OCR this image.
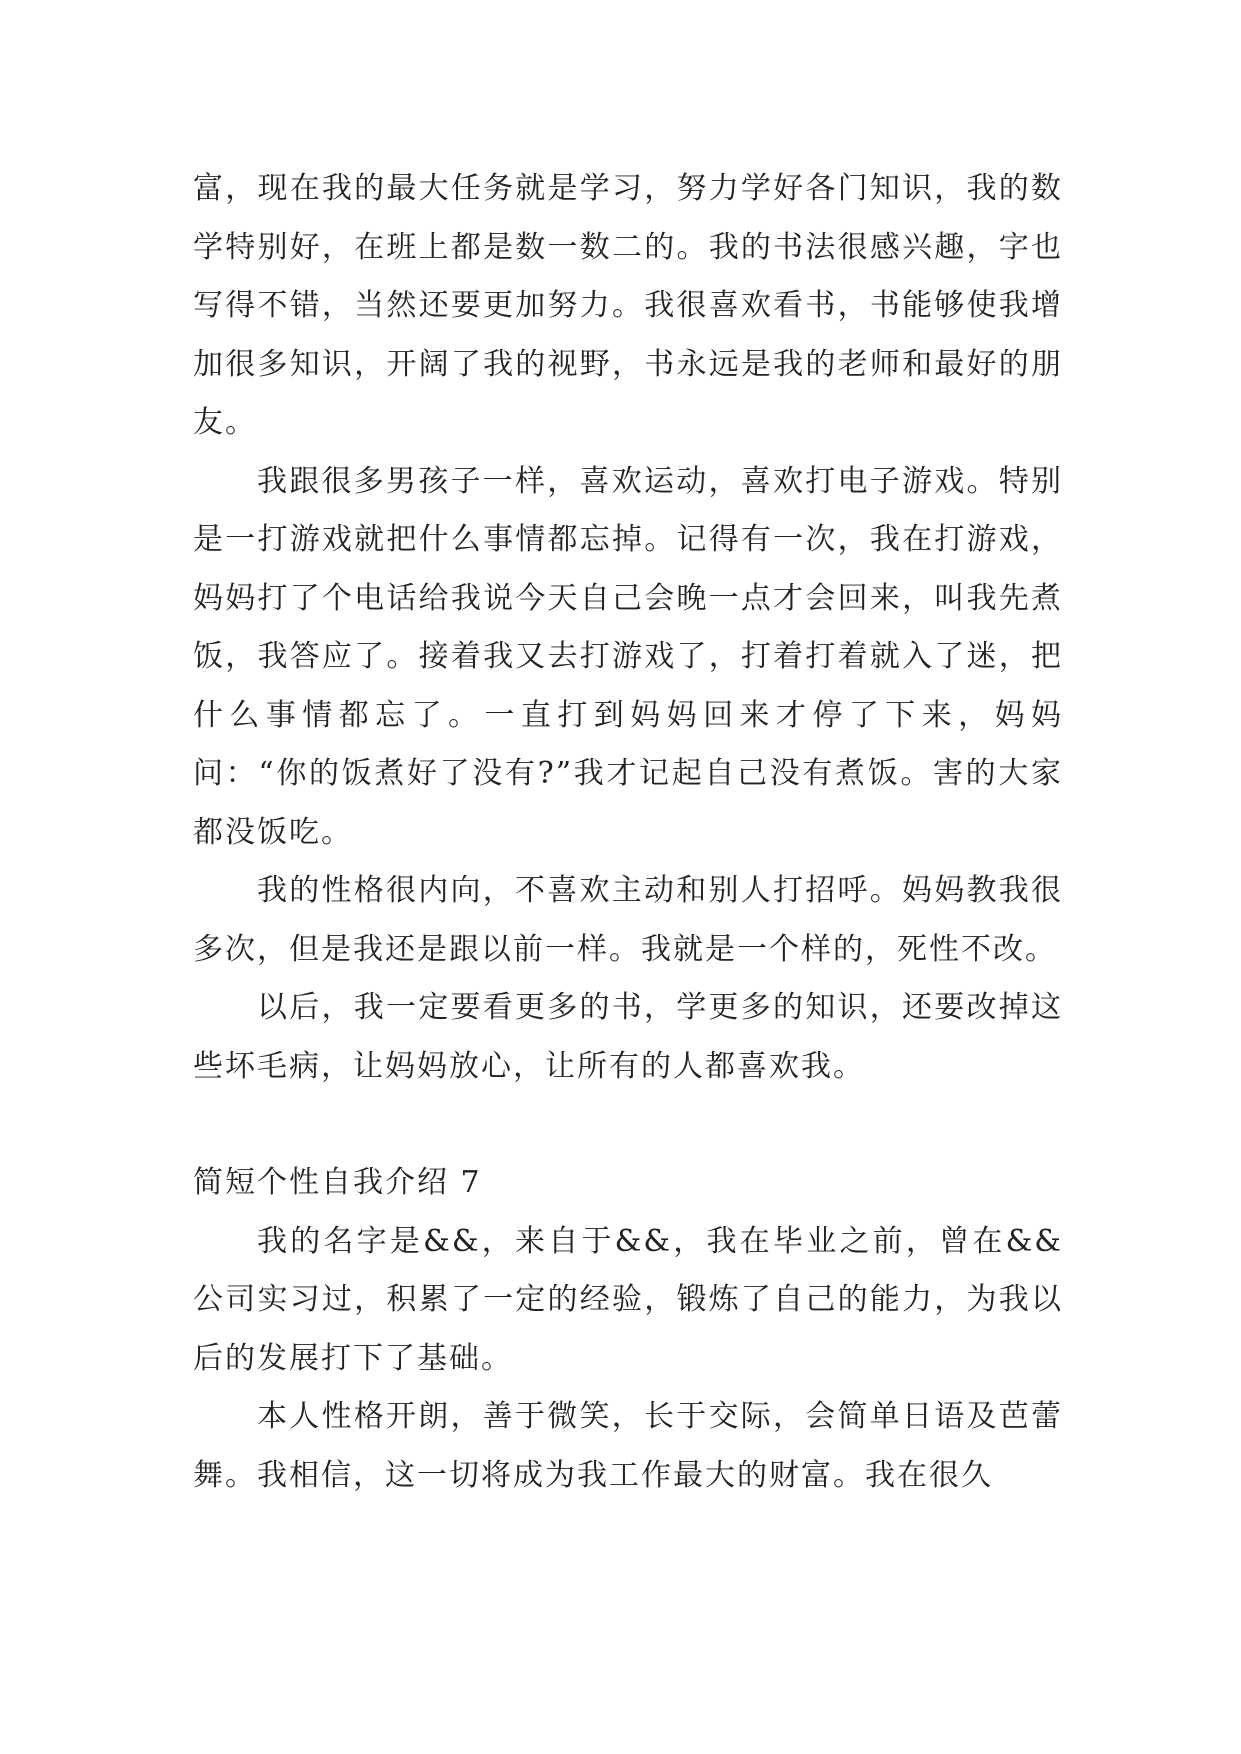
富，现在我的最大任务就是学习，努力学好各门知识，我的数学特别好，在班上都是数一数二的。我的书法很感兴趣，字也写得不错，当然还要更加努力。我很喜欢看书，书能够使我增加很多知识，开阔了我的视野，书永远是我的老师和最好的朋友。

我跟很多男孩子一样，喜欢运动，喜欢打电子游戏。特别是一打游戏就把什么事情都忘掉。记得有一次，我在打游戏，妈妈打了个电话给我说今天自己会晚一点才会回来，叫我先煮饭，我答应了。接着我又去打游戏了，打着打着就入了迷，把什么事情都忘了。一直打到妈妈回来才停了下来，妈妈问：“你的饭煮好了没有?”我才记起自己没有煮饭。害的大家都没饭吃。

我的性格很内向，不喜欢主动和别人打招呼。妈妈教我很多次，但是我还是跟以前一样。我就是一个样的，死性不改。

以后，我一定要看更多的书，学更多的知识，还要改掉这些坏毛病，让妈妈放心，让所有的人都喜欢我。

简短个性自我介绍 7

我的名字是&&，来自于&&，我在毕业之前，曾在&&公司实习过，积累了一定的经验，锻炼了自己的能力，为我以后的发展打下了基础。

本人性格开朗，善于微笑，长于交际，会简单日语及芭蕾舞。我相信，这一切将成为我工作最大的财富。我在很久
